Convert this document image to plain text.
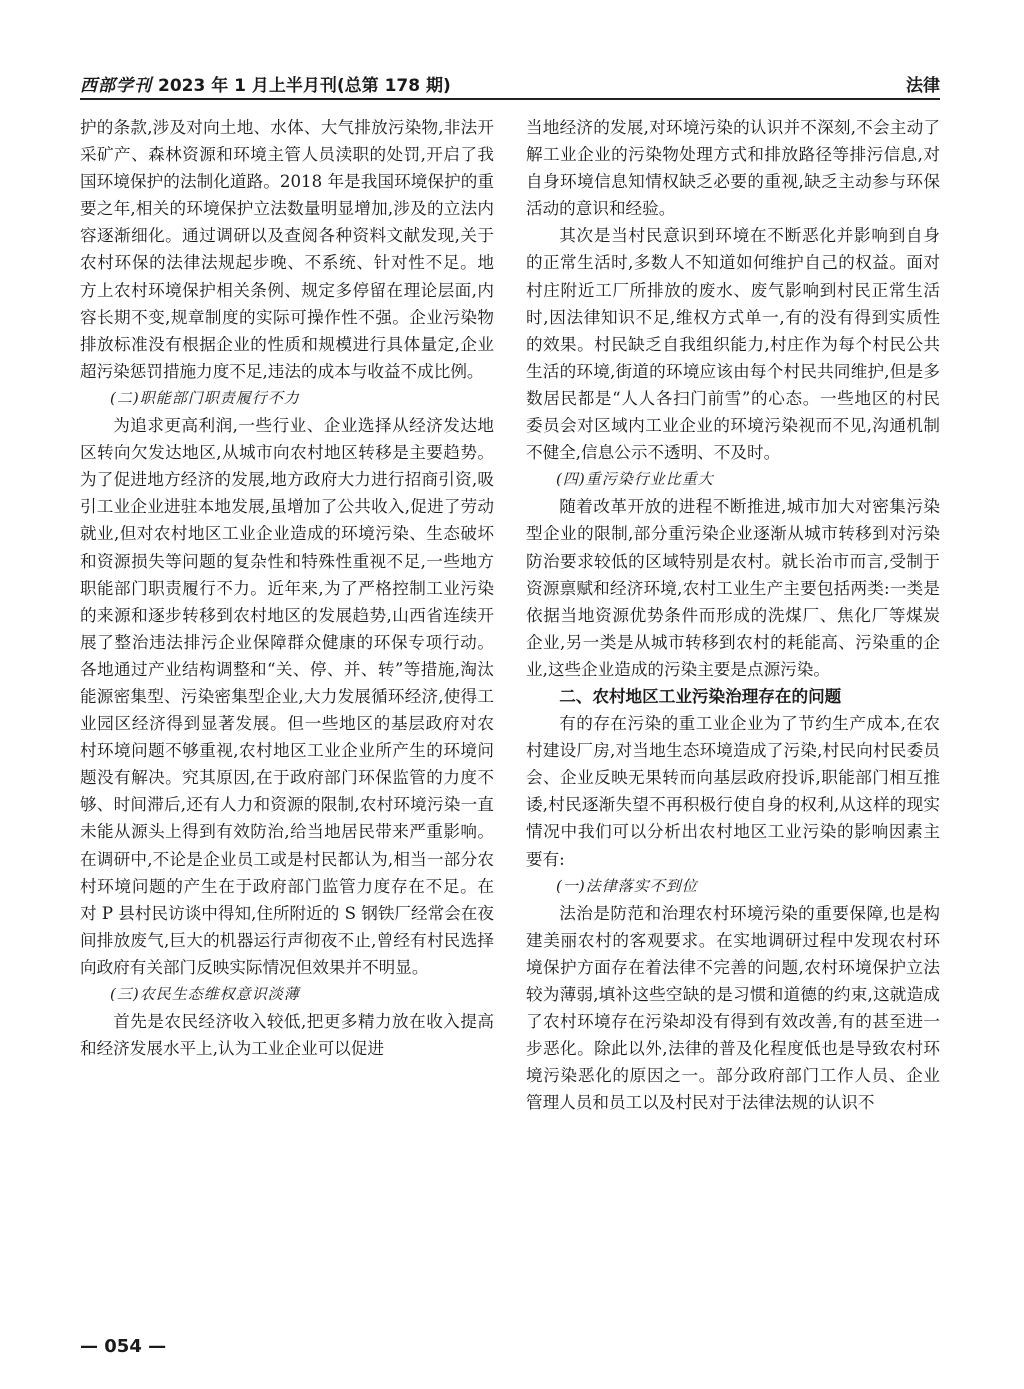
西部学刊 2023 年 1 月上半月刊(总第 178 期)	法律

护的条款,涉及对向土地、水体、大气排放污染物,非法开采矿产、森林资源和环境主管人员渎职的处罚,开启了我国环境保护的法制化道路。2018 年是我国环境保护的重要之年,相关的环境保护立法数量明显增加,涉及的立法内容逐渐细化。通过调研以及查阅各种资料文献发现,关于农村环保的法律法规起步晚、不系统、针对性不足。地方上农村环境保护相关条例、规定多停留在理论层面,内容长期不变,规章制度的实际可操作性不强。企业污染物排放标准没有根据企业的性质和规模进行具体量定,企业超污染惩罚措施力度不足,违法的成本与收益不成比例。

(二)职能部门职责履行不力

为追求更高利润,一些行业、企业选择从经济发达地区转向欠发达地区,从城市向农村地区转移是主要趋势。为了促进地方经济的发展,地方政府大力进行招商引资,吸引工业企业进驻本地发展,虽增加了公共收入,促进了劳动就业,但对农村地区工业企业造成的环境污染、生态破坏和资源损失等问题的复杂性和特殊性重视不足,一些地方职能部门职责履行不力。近年来,为了严格控制工业污染的来源和逐步转移到农村地区的发展趋势,山西省连续开展了整治违法排污企业保障群众健康的环保专项行动。各地通过产业结构调整和“关、停、并、转”等措施,淘汰能源密集型、污染密集型企业,大力发展循环经济,使得工业园区经济得到显著发展。但一些地区的基层政府对农村环境问题不够重视,农村地区工业企业所产生的环境问题没有解决。究其原因,在于政府部门环保监管的力度不够、时间滞后,还有人力和资源的限制,农村环境污染一直未能从源头上得到有效防治,给当地居民带来严重影响。在调研中,不论是企业员工或是村民都认为,相当一部分农村环境问题的产生在于政府部门监管力度存在不足。在对 P 县村民访谈中得知,住所附近的 S 钢铁厂经常会在夜间排放废气,巨大的机器运行声彻夜不止,曾经有村民选择向政府有关部门反映实际情况但效果并不明显。

(三)农民生态维权意识淡薄

首先是农民经济收入较低,把更多精力放在收入提高和经济发展水平上,认为工业企业可以促进

当地经济的发展,对环境污染的认识并不深刻,不会主动了解工业企业的污染物处理方式和排放路径等排污信息,对自身环境信息知情权缺乏必要的重视,缺乏主动参与环保活动的意识和经验。

其次是当村民意识到环境在不断恶化并影响到自身的正常生活时,多数人不知道如何维护自己的权益。面对村庄附近工厂所排放的废水、废气影响到村民正常生活时,因法律知识不足,维权方式单一,有的没有得到实质性的效果。村民缺乏自我组织能力,村庄作为每个村民公共生活的环境,街道的环境应该由每个村民共同维护,但是多数居民都是“人人各扫门前雪”的心态。一些地区的村民委员会对区域内工业企业的环境污染视而不见,沟通机制不健全,信息公示不透明、不及时。

(四)重污染行业比重大

随着改革开放的进程不断推进,城市加大对密集污染型企业的限制,部分重污染企业逐渐从城市转移到对污染防治要求较低的区域特别是农村。就长治市而言,受制于资源禀赋和经济环境,农村工业生产主要包括两类:一类是依据当地资源优势条件而形成的洗煤厂、焦化厂等煤炭企业,另一类是从城市转移到农村的耗能高、污染重的企业,这些企业造成的污染主要是点源污染。

二、农村地区工业污染治理存在的问题

有的存在污染的重工业企业为了节约生产成本,在农村建设厂房,对当地生态环境造成了污染,村民向村民委员会、企业反映无果转而向基层政府投诉,职能部门相互推诿,村民逐渐失望不再积极行使自身的权利,从这样的现实情况中我们可以分析出农村地区工业污染的影响因素主要有:

(一)法律落实不到位

法治是防范和治理农村环境污染的重要保障,也是构建美丽农村的客观要求。在实地调研过程中发现农村环境保护方面存在着法律不完善的问题,农村环境保护立法较为薄弱,填补这些空缺的是习惯和道德的约束,这就造成了农村环境存在污染却没有得到有效改善,有的甚至进一步恶化。除此以外,法律的普及化程度低也是导致农村环境污染恶化的原因之一。部分政府部门工作人员、企业管理人员和员工以及村民对于法律法规的认识不

— 054 —
